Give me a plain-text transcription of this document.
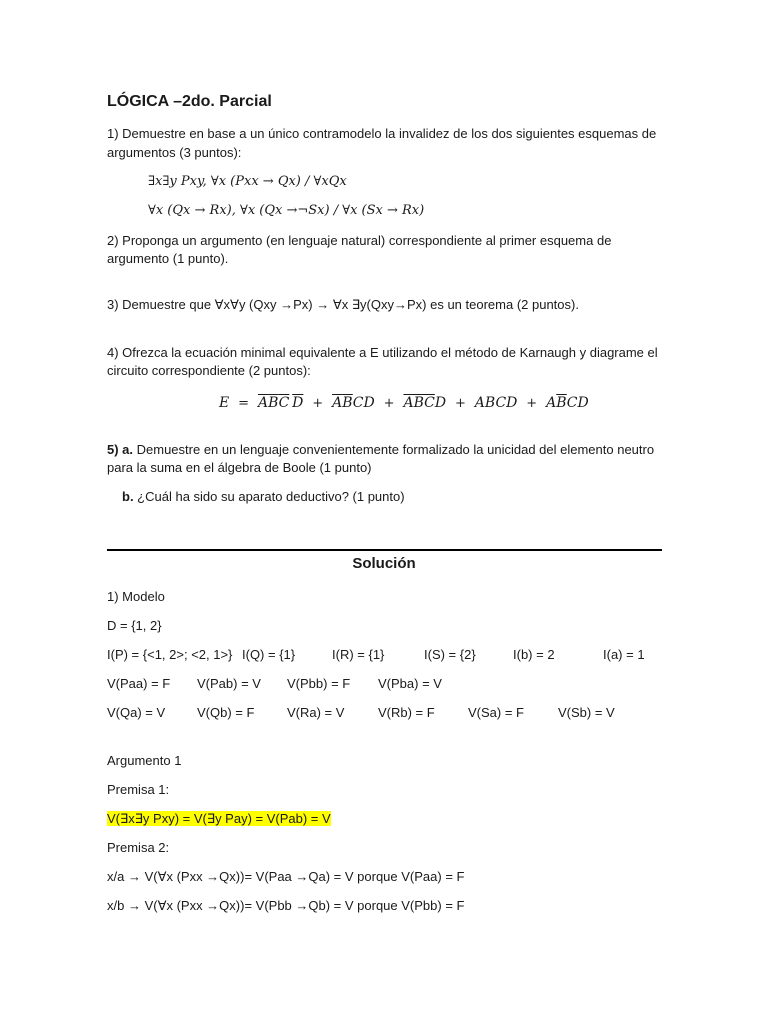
LÓGICA –2do. Parcial
1) Demuestre en base a un único contramodelo la invalidez de los dos siguientes esquemas de
argumentos (3 puntos):
∃x∃y Pxy, ∀x (Pxx → Qx) / ∀xQx
∀x (Qx → Rx), ∀x (Qx →¬Sx) / ∀x (Sx → Rx)
2) Proponga un argumento (en lenguaje natural) correspondiente al primer esquema de
argumento (1 punto).
3) Demuestre que ∀x∀y (Qxy →Px) → ∀x ∃y(Qxy→Px) es un teorema (2 puntos).
4) Ofrezca la ecuación minimal equivalente a E utilizando el método de Karnaugh y diagrame el
circuito correspondiente (2 puntos):
$E = \overline{A}\overline{B}\overline{C}$  $\overline{D} + \overline{A}\overline{B}CD + \overline{ABC}D$ + ABCD + $A\overline{B}CD$
5) a. Demuestre en un lenguaje convenientemente formalizado la unicidad del elemento neutro
para la suma en el álgebra de Boole (1 punto)
b. ¿Cuál ha sido su aparato deductivo? (1 punto)
Solución
1) Modelo
D = {1, 2}
I(P) = {<1, 2>; <2, 1>} I(Q) = {1}	I(R) = {1}	I(S) = {2}	I(b) = 2	I(a) = 1
V(Paa) = F V(Pab) = V V(Pbb) = F V(Pba) = V
V(Qa) = V V(Qb) = F	V(Ra) = V	V(Rb) = F	V(Sa) = F	V(Sb) = V
Argumento 1
Premisa 1:
V(∃x∃y Pxy) = V(∃y Pay) = V(Pab) = V
Premisa 2:
x/a → V(∀x (Pxx →Qx))= V(Paa →Qa) = V porque V(Paa) = F
x/b → V(∀x (Pxx →Qx))= V(Pbb →Qb) = V porque V(Pbb) = F
